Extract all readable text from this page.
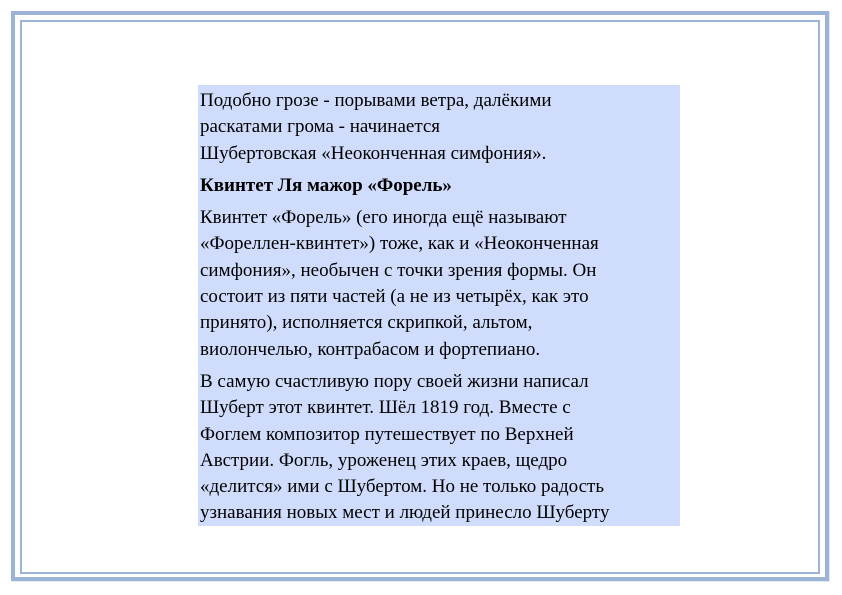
Подобно грозе - порывами ветра, далёкими
раскатами грома - начинается
Шубертовская «Неоконченная симфония».

Квинтет Ля мажор «Форель»

Квинтет «Форель» (его иногда ещё называют
«Фореллен-квинтет») тоже, как и «Неоконченная
симфония», необычен с точки зрения формы. Он
состоит из пяти частей (а не из четырёх, как это
принято), исполняется скрипкой, альтом,
виолончелью, контрабасом и фортепиано.

В самую счастливую пору своей жизни написал
Шуберт этот квинтет. Шёл 1819 год. Вместе с
Фоглем композитор путешествует по Верхней
Австрии. Фогль, уроженец этих краев, щедро
«делится» ими с Шубертом. Но не только радость
узнавания новых мест и людей принесло Шуберту
